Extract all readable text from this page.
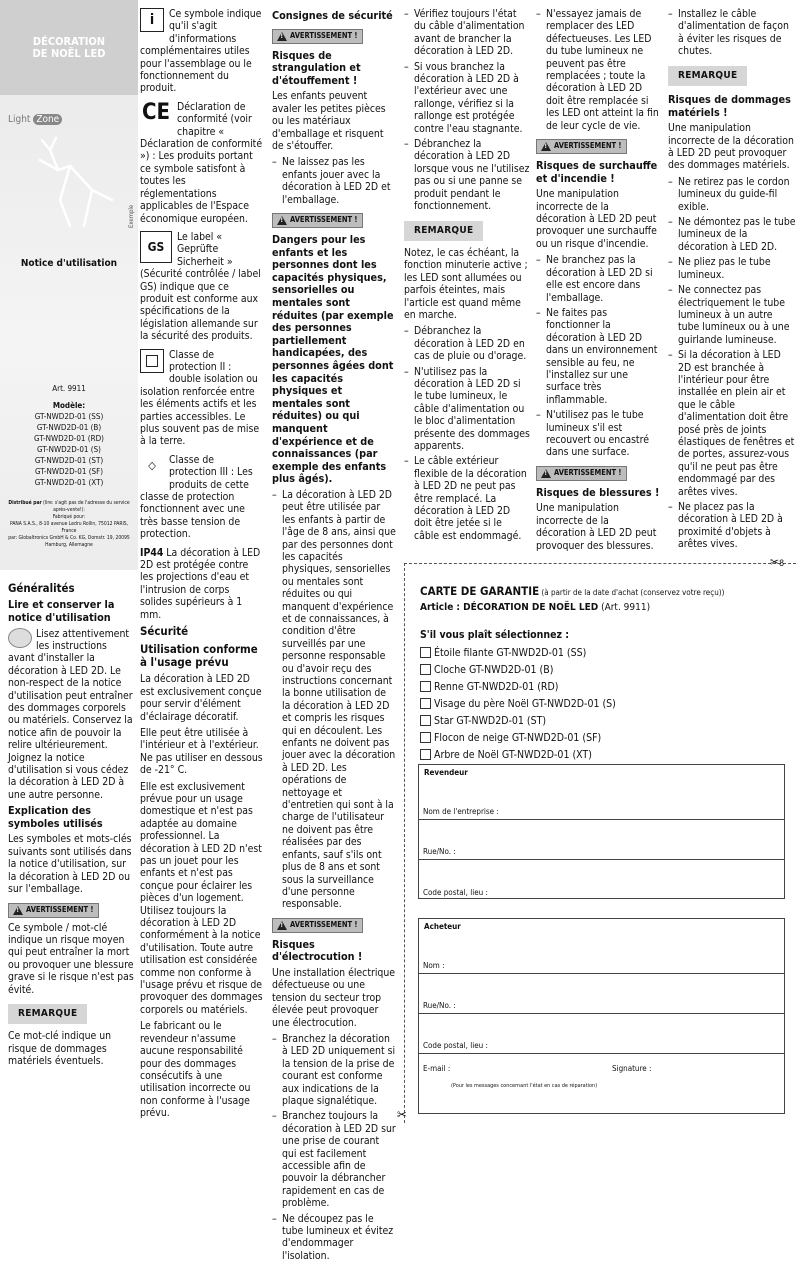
DÉCORATION
DE NOËL LED
Light Zone
Exemple
Notice d'utilisation
Art. 9911
Modèle:
GT-NWD2D-01 (SS)
GT-NWD2D-01 (B)
GT-NWD2D-01 (RD)
GT-NWD2D-01 (S)
GT-NWD2D-01 (ST)
GT-NWD2D-01 (SF)
GT-NWD2D-01 (XT)
Distribué par (lire: s'agit pas de l'adresse du service après-vente!):
Fabriqué pour:
PANA S.A.S., 8-10 avenue Ledru Rollin, 75012 PARIS, France
par: Globaltronics GmbH & Co. KG, Domstr. 19, 20095 Hamburg, Allemagne
Généralités
Lire et conserver la notice d'utilisation

Lisez attentivement les instructions avant d'installer la décoration à LED 2D. Le non-respect de la notice d'utilisation peut entraîner des dommages corporels ou matériels. Conservez la notice afin de pouvoir la relire ultérieurement. Joignez la notice d'utilisation si vous cédez la décoration à LED 2D à une autre personne.

Explication des symboles utilisés

Les symboles et mots-clés suivants sont utilisés dans la notice d'utilisation, sur la décoration à LED 2D ou sur l'emballage.

!
AVERTISSEMENT !

Ce symbole / mot-clé indique un risque moyen qui peut entraîner la mort ou provoquer une blessure grave si le risque n'est pas évité.

REMARQUE

Ce mot-clé indique un risque de dommages matériels éventuels.

i	Ce symbole indique qu'il s'agit d'informations complémentaires utiles pour l'assemblage ou le fonctionnement du produit.

CE Déclaration de conformité (voir chapitre « Déclaration de conformité ») : Les produits portant ce symbole satisfont à toutes les réglementations applicables de l'Espace économique européen.

GS
Le label « Geprüfte Sicherheit » (Sécurité contrôlée / label GS) indique que ce produit est conforme aux spécifications de la législation allemande sur la sécurité des produits.

Classe de protection II : double isolation ou isolation renforcée entre les éléments actifs et les parties accessibles. Le plus souvent pas de mise à la terre.

◇	Classe de protection III : Les produits de cette classe de protection fonctionnent avec une très basse tension de protection.

IP44 La décoration à LED 2D est protégée contre les projections d'eau et l'intrusion de corps solides supérieurs à 1 mm.

Sécurité
Utilisation conforme à l'usage prévu

La décoration à LED 2D est exclusivement conçue pour servir d'élément d'éclairage décoratif.

Elle peut être utilisée à l'intérieur et à l'extérieur. Ne pas utiliser en dessous de -21° C.

Elle est exclusivement prévue pour un usage domestique et n'est pas adaptée au domaine professionnel. La décoration à LED 2D n'est pas un jouet pour les enfants et n'est pas conçue pour éclairer les pièces d'un logement. Utilisez toujours la décoration à LED 2D conformément à la notice d'utilisation. Toute autre utilisation est considérée comme non conforme à l'usage prévu et risque de provoquer des dommages corporels ou matériels.

Le fabricant ou le revendeur n'assume aucune responsabilité pour des dommages consécutifs à une utilisation incorrecte ou non conforme à l'usage prévu.

Consignes de sécurité
!
AVERTISSEMENT !
Risques de strangulation et d'étouffement !

Les enfants peuvent avaler les petites pièces ou les matériaux d'emballage et risquent de s'étouffer.

– Ne laissez pas les enfants jouer avec la décoration à LED 2D et l'emballage.
!
AVERTISSEMENT !
Dangers pour les enfants et les personnes dont les capacités physiques, sensorielles ou mentales sont réduites (par exemple des personnes partiellement handicapées, des personnes âgées dont les capacités physiques et mentales sont réduites) ou qui manquent d'expérience et de connaissances (par exemple des enfants plus âgés).
– La décoration à LED 2D peut être utilisée par les enfants à partir de l'âge de 8 ans, ainsi que par des personnes dont les capacités physiques, sensorielles ou mentales sont réduites ou qui manquent d'expérience et de connaissances, à condition d'être surveillés par une personne responsable ou d'avoir reçu des instructions concernant la bonne utilisation de la décoration à LED 2D et compris les risques qui en découlent. Les enfants ne doivent pas jouer avec la décoration à LED 2D. Les opérations de nettoyage et d'entretien qui sont à la charge de l'utilisateur ne doivent pas être réalisées par des enfants, sauf s'ils ont plus de 8 ans et sont sous la surveillance d'une personne responsable.
!
AVERTISSEMENT !
Risques d'électrocution !

Une installation électrique défectueuse ou une tension du secteur trop élevée peut provoquer une électrocution.

– Branchez la décoration à LED 2D uniquement si la tension de la prise de courant est conforme aux indications de la plaque signalétique.
– Branchez toujours la décoration à LED 2D sur une prise de courant qui est facilement accessible afin de pouvoir la débrancher rapidement en cas de problème.
– Ne découpez pas le tube lumineux et évitez d'endommager l'isolation.
– Vérifiez toujours l'état du câble d'alimentation avant de brancher la décoration à LED 2D.
– Si vous branchez la décoration à LED 2D à l'extérieur avec une rallonge, vérifiez si la rallonge est protégée contre l'eau stagnante.
– Débranchez la décoration à LED 2D lorsque vous ne l'utilisez pas ou si une panne se produit pendant le fonctionnement.
REMARQUE

Notez, le cas échéant, la fonction minuterie active ; les LED sont allumées ou parfois éteintes, mais l'article est quand même en marche.

– Débranchez la décoration à LED 2D en cas de pluie ou d'orage.
– N'utilisez pas la décoration à LED 2D si le tube lumineux, le câble d'alimentation ou le bloc d'alimentation présente des dommages apparents.
– Le câble extérieur flexible de la décoration à LED 2D ne peut pas être remplacé. La décoration à LED 2D doit être jetée si le câble est endommagé.
– N'essayez jamais de remplacer des LED défectueuses. Les LED du tube lumineux ne peuvent pas être remplacées ; toute la décoration à LED 2D doit être remplacée si les LED ont atteint la fin de leur cycle de vie.
!
AVERTISSEMENT !
Risques de surchauffe et d'incendie !

Une manipulation incorrecte de la décoration à LED 2D peut provoquer une surchauffe ou un risque d'incendie.

– Ne branchez pas la décoration à LED 2D si elle est encore dans l'emballage.
– Ne faites pas fonctionner la décoration à LED 2D dans un environnement sensible au feu, ne l'installez sur une surface très inflammable.
– N'utilisez pas le tube lumineux s'il est recouvert ou encastré dans une surface.
!
AVERTISSEMENT !
Risques de blessures !

Une manipulation incorrecte de la décoration à LED 2D peut provoquer des blessures.

– Installez le câble d'alimentation de façon à éviter les risques de chutes.
REMARQUE
Risques de dommages matériels !

Une manipulation incorrecte de la décoration à LED 2D peut provoquer des dommages matériels.

– Ne retirez pas le cordon lumineux du guide-fil exible.
– Ne démontez pas le tube lumineux de la décoration à LED 2D.
– Ne pliez pas le tube lumineux.
– Ne connectez pas électriquement le tube lumineux à un autre tube lumineux ou à une guirlande lumineuse.
– Si la décoration à LED 2D est branchée à l'intérieur pour être installée en plein air et que le câble d'alimentation doit être posé près de joints élastiques de fenêtres et de portes, assurez-vous qu'il ne peut pas être endommagé par des arêtes vives.
– Ne placez pas la décoration à LED 2D à proximité d'objets à arêtes vives.
✂8
✂
CARTE DE GARANTIE (à partir de la date d'achat (conservez votre reçu))
Article : DÉCORATION DE NOËL LED (Art. 9911)
S'il vous plaît sélectionnez :
Étoile filante GT-NWD2D-01 (SS)
Cloche GT-NWD2D-01 (B)
Renne GT-NWD2D-01 (RD)
Visage du père Noël GT-NWD2D-01 (S)
Star GT-NWD2D-01 (ST)
Flocon de neige GT-NWD2D-01 (SF)
Arbre de Noël GT-NWD2D-01 (XT)
Revendeur
Nom de l'entreprise :
Rue/No. :
Code postal, lieu :
Acheteur
Nom :
Rue/No. :
Code postal, lieu :
E-mail :	Signature :
(Pour les messages concernant l'état en cas de réparation)
